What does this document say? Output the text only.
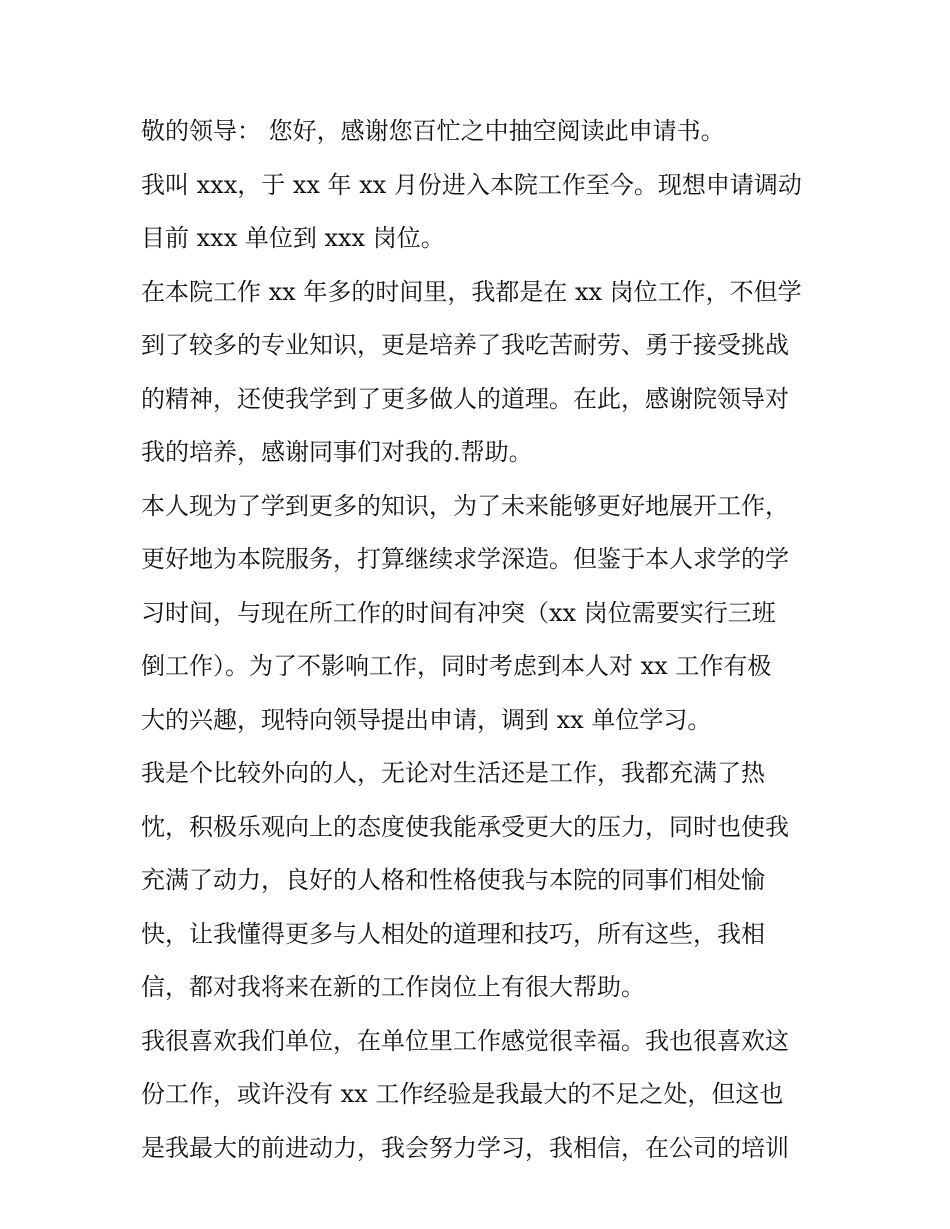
敬的领导： 您好，感谢您百忙之中抽空阅读此申请书。
我叫 xxx，于 xx 年 xx 月份进入本院工作至今。现想申请调动
目前 xxx 单位到 xxx 岗位。
在本院工作 xx 年多的时间里，我都是在 xx 岗位工作，不但学
到了较多的专业知识，更是培养了我吃苦耐劳、勇于接受挑战
的精神，还使我学到了更多做人的道理。在此，感谢院领导对
我的培养，感谢同事们对我的.帮助。
本人现为了学到更多的知识，为了未来能够更好地展开工作，
更好地为本院服务，打算继续求学深造。但鉴于本人求学的学
习时间，与现在所工作的时间有冲突（xx 岗位需要实行三班
倒工作）。为了不影响工作，同时考虑到本人对 xx 工作有极
大的兴趣，现特向领导提出申请，调到 xx 单位学习。
我是个比较外向的人，无论对生活还是工作，我都充满了热
忱，积极乐观向上的态度使我能承受更大的压力，同时也使我
充满了动力，良好的人格和性格使我与本院的同事们相处愉
快，让我懂得更多与人相处的道理和技巧，所有这些，我相
信，都对我将来在新的工作岗位上有很大帮助。
我很喜欢我们单位，在单位里工作感觉很幸福。我也很喜欢这
份工作，或许没有 xx 工作经验是我最大的不足之处，但这也
是我最大的前进动力，我会努力学习，我相信，在公司的培训
